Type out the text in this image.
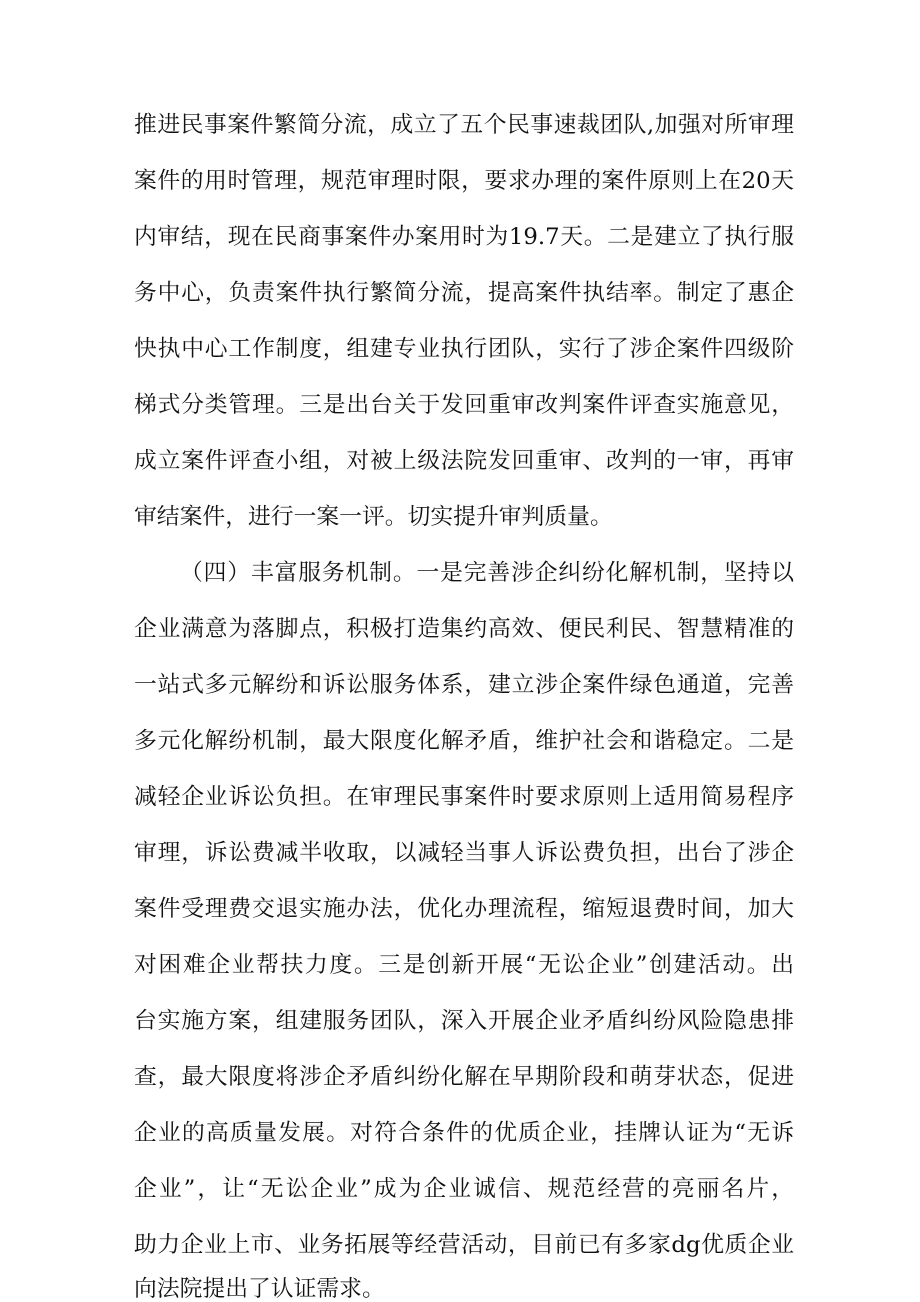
推进民事案件繁简分流，成立了五个民事速裁团队,加强对所审理
案件的用时管理，规范审理时限，要求办理的案件原则上在20天
内审结，现在民商事案件办案用时为19.7天。二是建立了执行服
务中心，负责案件执行繁简分流，提高案件执结率。制定了惠企
快执中心工作制度，组建专业执行团队，实行了涉企案件四级阶
梯式分类管理。三是出台关于发回重审改判案件评查实施意见，
成立案件评查小组，对被上级法院发回重审、改判的一审，再审
审结案件，进行一案一评。切实提升审判质量。
（四）丰富服务机制。一是完善涉企纠纷化解机制，坚持以
企业满意为落脚点，积极打造集约高效、便民利民、智慧精准的
一站式多元解纷和诉讼服务体系，建立涉企案件绿色通道，完善
多元化解纷机制，最大限度化解矛盾，维护社会和谐稳定。二是
减轻企业诉讼负担。在审理民事案件时要求原则上适用简易程序
审理，诉讼费减半收取，以减轻当事人诉讼费负担，出台了涉企
案件受理费交退实施办法，优化办理流程，缩短退费时间，加大
对困难企业帮扶力度。三是创新开展“无讼企业”创建活动。出
台实施方案，组建服务团队，深入开展企业矛盾纠纷风险隐患排
查，最大限度将涉企矛盾纠纷化解在早期阶段和萌芽状态，促进
企业的高质量发展。对符合条件的优质企业，挂牌认证为“无诉
企业”，让“无讼企业”成为企业诚信、规范经营的亮丽名片，
助力企业上市、业务拓展等经营活动，目前已有多家dg优质企业
向法院提出了认证需求。
